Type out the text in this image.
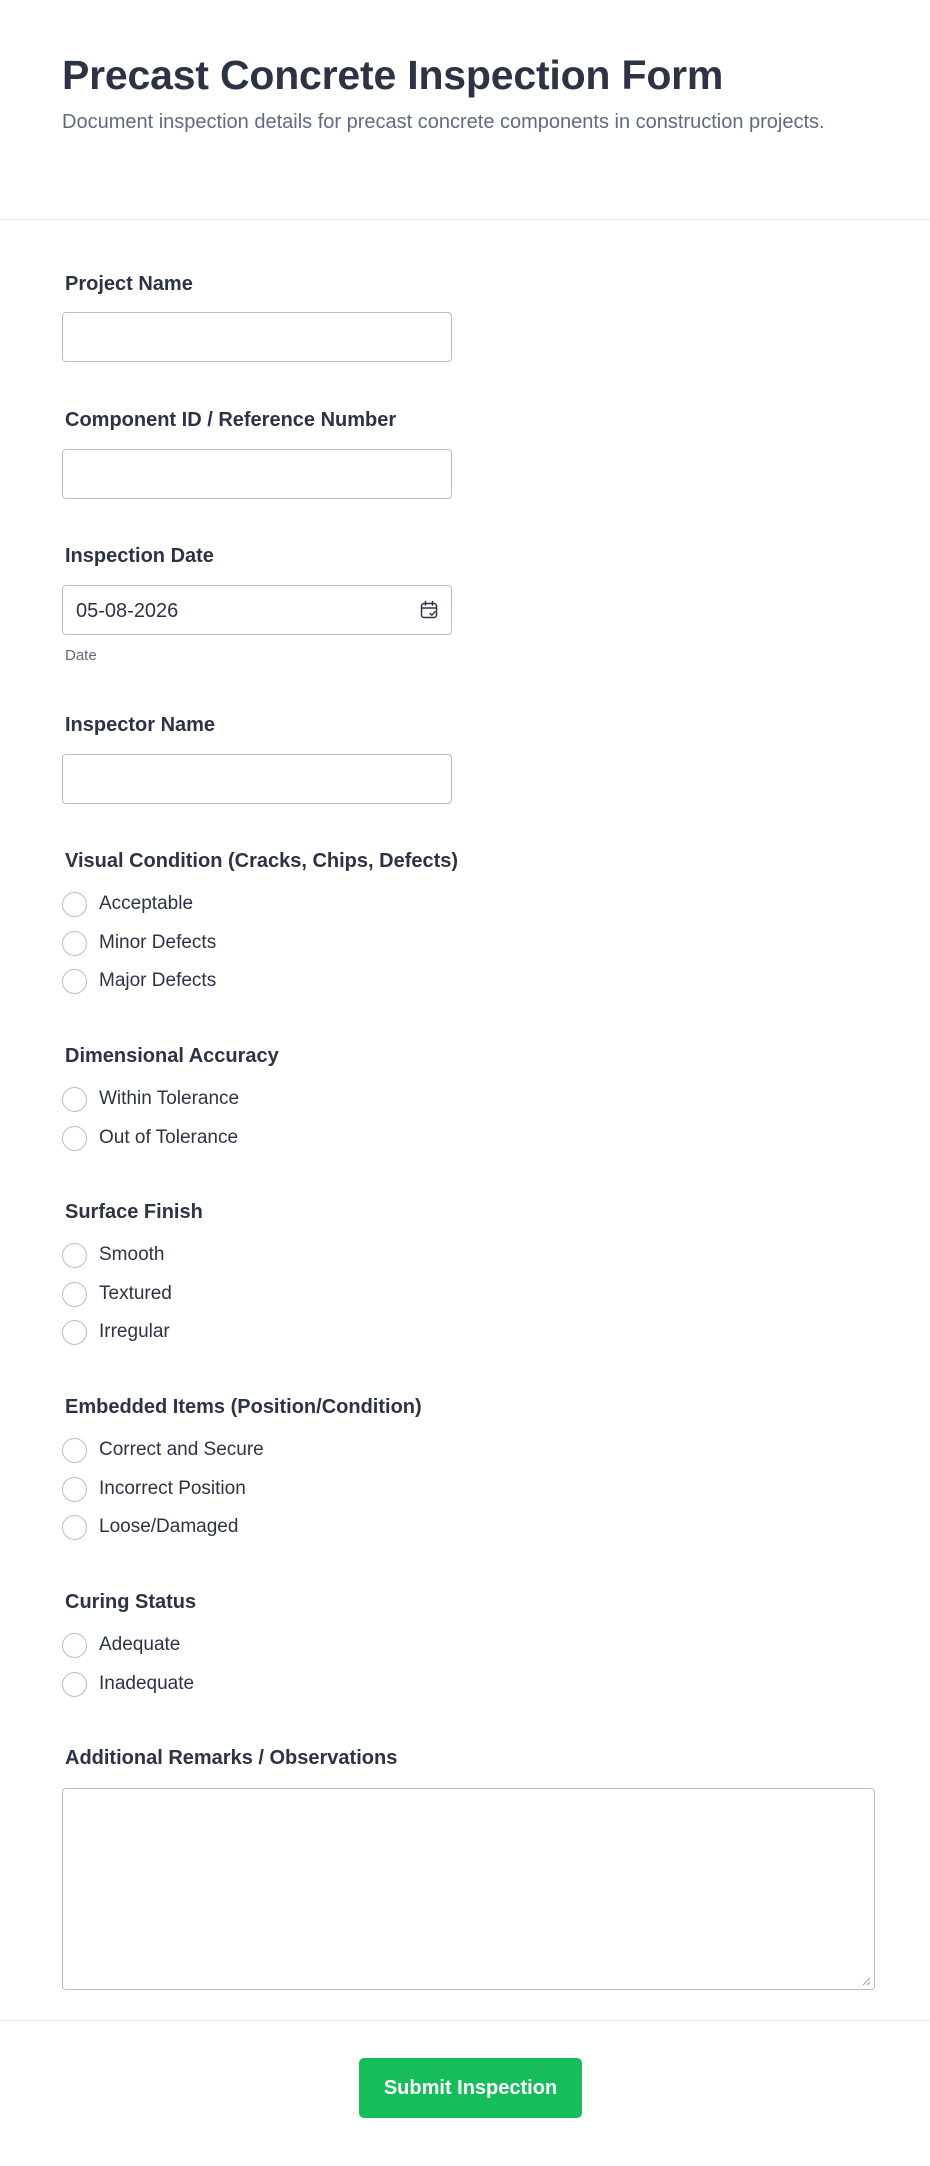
Precast Concrete Inspection Form

Document inspection details for precast concrete components in construction projects.

Project Name
Component ID / Reference Number
Inspection Date
05-08-2026
Date
Inspector Name
Visual Condition (Cracks, Chips, Defects)
Acceptable
Minor Defects
Major Defects
Dimensional Accuracy
Within Tolerance
Out of Tolerance
Surface Finish
Smooth
Textured
Irregular
Embedded Items (Position/Condition)
Correct and Secure
Incorrect Position
Loose/Damaged
Curing Status
Adequate
Inadequate
Additional Remarks / Observations
Submit Inspection
